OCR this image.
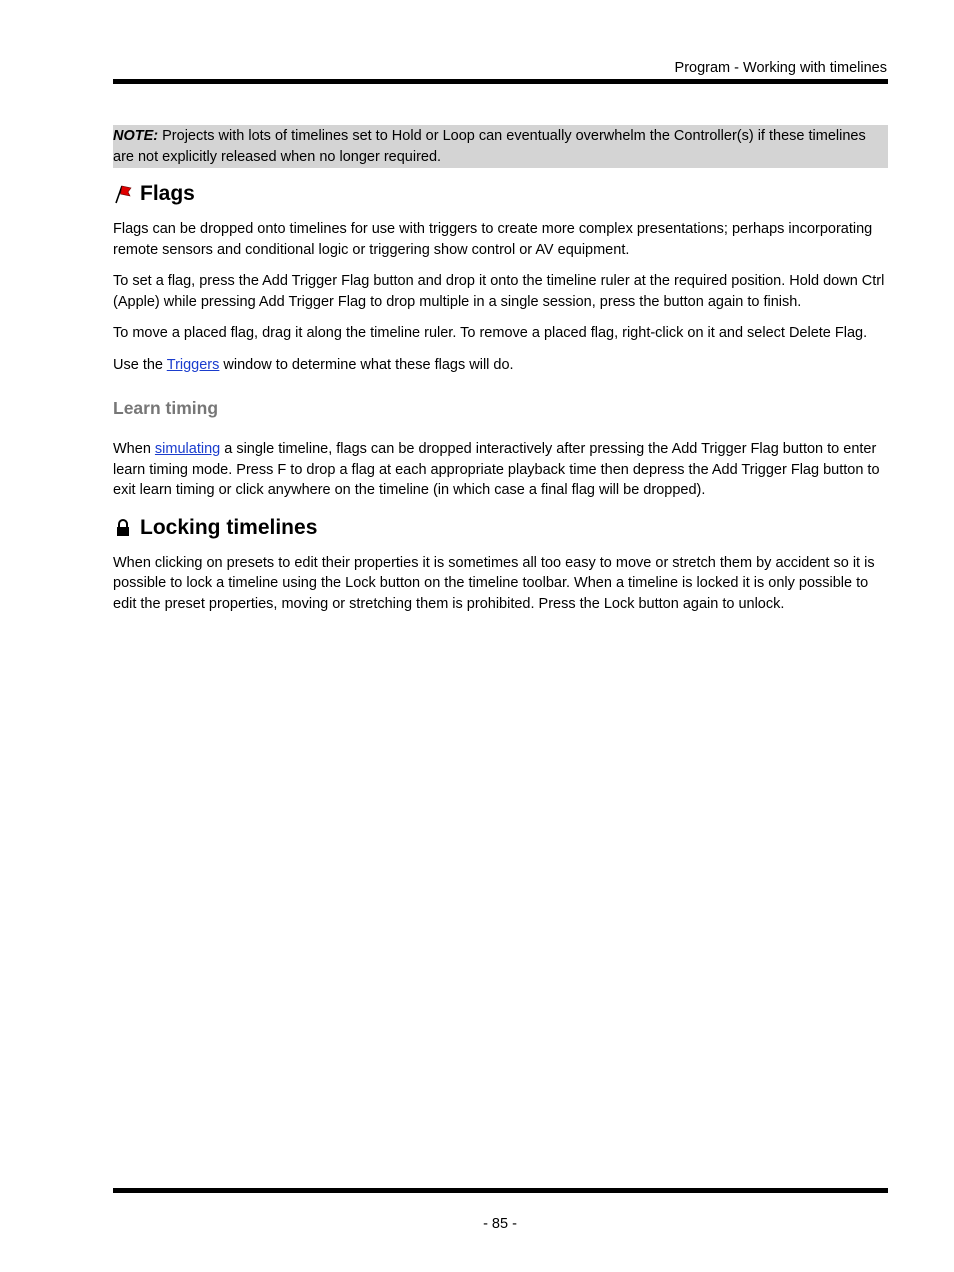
Program - Working with timelines
NOTE: Projects with lots of timelines set to Hold or Loop can eventually overwhelm the Controller(s) if these timelines are not explicitly released when no longer required.
Flags

Flags can be dropped onto timelines for use with triggers to create more complex presentations; perhaps incorporating remote sensors and conditional logic or triggering show control or AV equipment.

To set a flag, press the Add Trigger Flag button and drop it onto the timeline ruler at the required position. Hold down Ctrl (Apple) while pressing Add Trigger Flag to drop multiple in a single session, press the button again to finish.

To move a placed flag, drag it along the timeline ruler. To remove a placed flag, right-click on it and select Delete Flag.

Use the Triggers window to determine what these flags will do.

Learn timing

When simulating a single timeline, flags can be dropped interactively after pressing the Add Trigger Flag button to enter learn timing mode. Press F to drop a flag at each appropriate playback time then depress the Add Trigger Flag button to exit learn timing or click anywhere on the timeline (in which case a final flag will be dropped).

Locking timelines

When clicking on presets to edit their properties it is sometimes all too easy to move or stretch them by accident so it is possible to lock a timeline using the Lock button on the timeline toolbar. When a timeline is locked it is only possible to edit the preset properties, moving or stretching them is prohibited. Press the Lock button again to unlock.

- 85 -
